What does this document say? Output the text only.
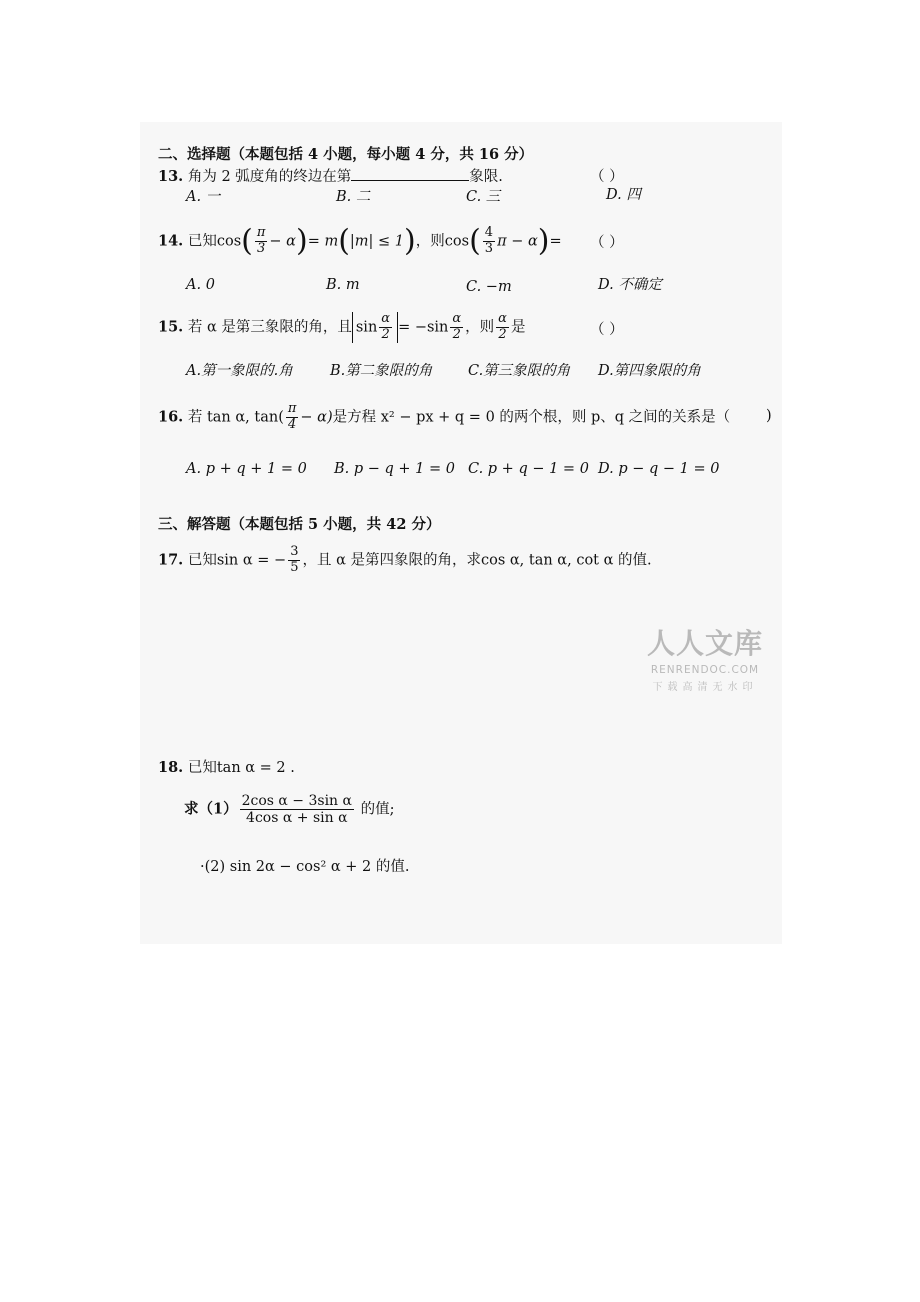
二、选择题（本题包括 4 小题，每小题 4 分，共 16 分）
13. 角为 2 弧度角的终边在第	象限.	（ ）
A. 一	B. 二	C. 三	D. 四
14. 已知$\cos( \frac{\pi}{3} - \alpha)= m(|m| \le 1)$，则$\cos( \frac{4}{3}$ π − α)= （ ）
A. 0	B. m	C. −m	D. 不确定
15. 若 α 是第三象限的角，且 $\sin \frac{\alpha}{2} = -\sin \frac{\alpha}{2}$ ，则 $\frac{\alpha}{2}$ 是	（ ）
A.第一象限的.角	B.第二象限的角 C.第三象限的角 D.第四象限的角
16. 若 tan α, $\tan( \frac{\pi}{4} - \alpha)$是方程 x² − px + q = 0 的两个根，则 p、q 之间的关系是（ )
A. p + q + 1 = 0 B. p − q + 1 = 0 C. p + q − 1 = 0 D. p − q − 1 = 0
三、解答题（本题包括 5 小题，共 42 分）
17. 已知sin α = − $\frac{3}{5}$ ，且 α 是第四象限的角，求cos α, tan α, cot α 的值.
人人文库
RENRENDOC.COM
下载高清无水印
18. 已知tan α = 2 .
求$(1) \frac{\text{2cos α − 3sin α}}{\text{4cos α + sin α}}$ 的值;
·(2) sin 2α − cos² α + 2 的值.
